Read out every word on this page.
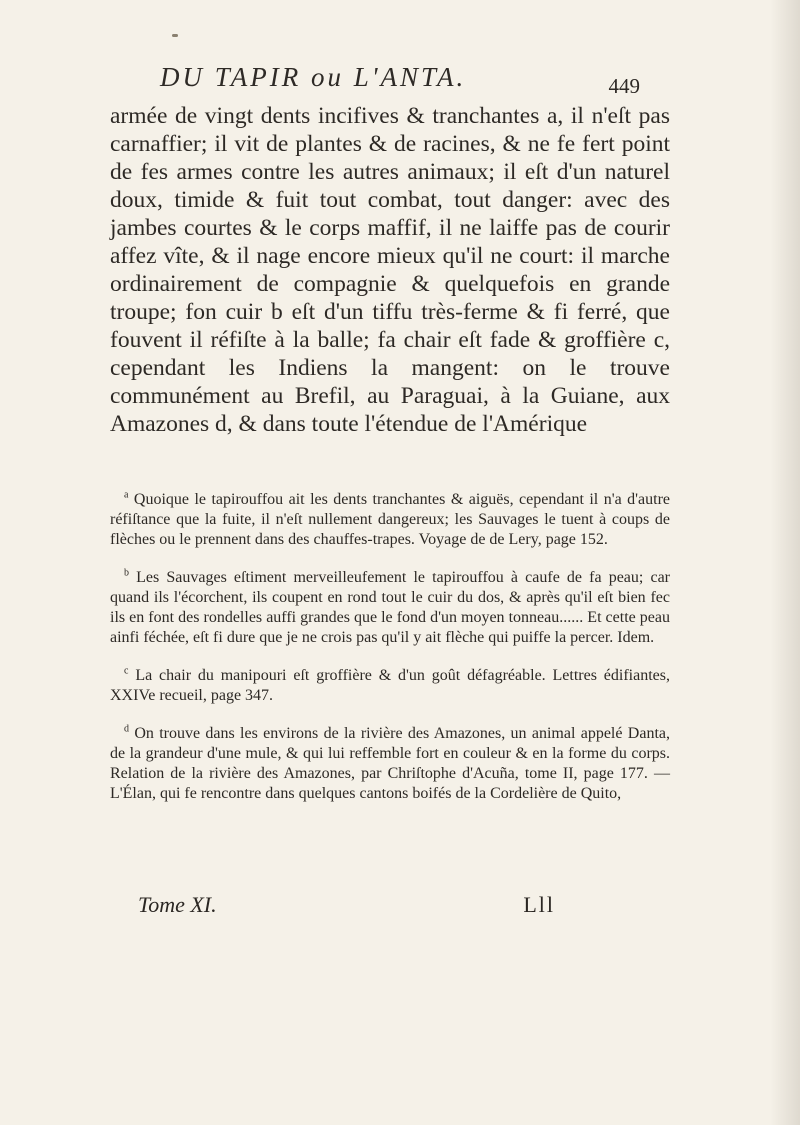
DU TAPIR ou L'ANTA.	449
armée de vingt dents incifives & tranchantes a, il n'eſt pas carnaffier; il vit de plantes & de racines, & ne fe fert point de fes armes contre les autres animaux; il eſt d'un naturel doux, timide & fuit tout combat, tout danger: avec des jambes courtes & le corps maffif, il ne laiffe pas de courir affez vîte, & il nage encore mieux qu'il ne court: il marche ordinairement de compagnie & quelquefois en grande troupe; fon cuir b eſt d'un tiffu très-ferme & fi ferré, que fouvent il réfiſte à la balle; fa chair eſt fade & groffière c, cependant les Indiens la mangent: on le trouve communément au Brefil, au Paraguai, à la Guiane, aux Amazones d, & dans toute l'étendue de l'Amérique

$^a$ Quoique le tapirouffou ait les dents tranchantes & aiguës, cependant il n'a d'autre réfiſtance que la fuite, il n'eſt nullement dangereux; les Sauvages le tuent à coups de flèches ou le prennent dans des chauffes-trapes. Voyage de de Lery, page 152.

$^b$ Les Sauvages eſtiment merveilleufement le tapirouffou à caufe de fa peau; car quand ils l'écorchent, ils coupent en rond tout le cuir du dos, & après qu'il eſt bien fec ils en font des rondelles auffi grandes que le fond d'un moyen tonneau...... Et cette peau ainfi féchée, eſt fi dure que je ne crois pas qu'il y ait flèche qui puiffe la percer. Idem.

$^c$ La chair du manipouri eſt groffière & d'un goût défagréable. Lettres édifiantes, XXIVe recueil, page 347.

$^d$ On trouve dans les environs de la rivière des Amazones, un animal appelé Danta, de la grandeur d'une mule, & qui lui reffemble fort en couleur & en la forme du corps. Relation de la rivière des Amazones, par Chriſtophe d'Acuña, tome II, page 177. — L'Élan, qui fe rencontre dans quelques cantons boifés de la Cordelière de Quito,

Tome XI.	Lll
